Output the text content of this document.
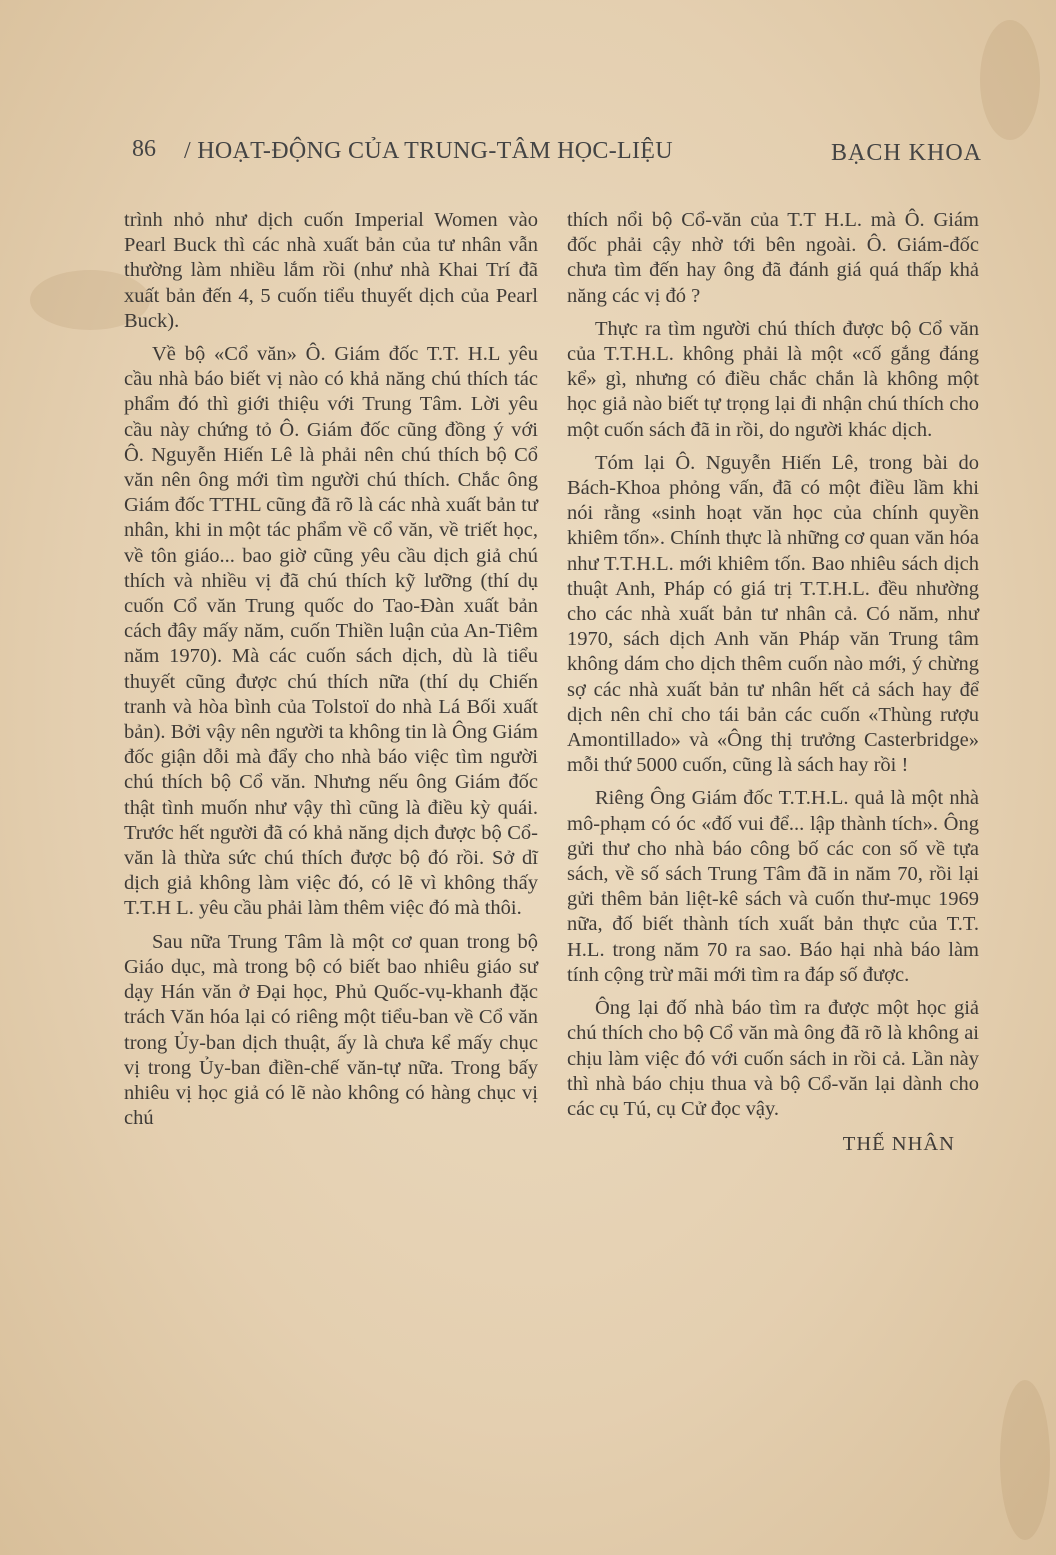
86 / HOẠT-ĐỘNG CỦA TRUNG-TÂM HỌC-LIỆU	BẠCH KHOA

trình nhỏ như dịch cuốn Imperial Women vào Pearl Buck thì các nhà xuất bản của tư nhân vẫn thường làm nhiều lắm rồi (như nhà Khai Trí đã xuất bản đến 4, 5 cuốn tiểu thuyết dịch của Pearl Buck).

Về bộ «Cổ văn» Ô. Giám đốc T.T. H.L yêu cầu nhà báo biết vị nào có khả năng chú thích tác phẩm đó thì giới thiệu với Trung Tâm. Lời yêu cầu này chứng tỏ Ô. Giám đốc cũng đồng ý với Ô. Nguyễn Hiến Lê là phải nên chú thích bộ Cổ văn nên ông mới tìm người chú thích. Chắc ông Giám đốc TTHL cũng đã rõ là các nhà xuất bản tư nhân, khi in một tác phẩm về cổ văn, về triết học, về tôn giáo... bao giờ cũng yêu cầu dịch giả chú thích và nhiều vị đã chú thích kỹ lưỡng (thí dụ cuốn Cổ văn Trung quốc do Tao-Đàn xuất bản cách đây mấy năm, cuốn Thiền luận của An-Tiêm năm 1970). Mà các cuốn sách dịch, dù là tiểu thuyết cũng được chú thích nữa (thí dụ Chiến tranh và hòa bình của Tolstoï do nhà Lá Bối xuất bản). Bởi vậy nên người ta không tin là Ông Giám đốc giận dỗi mà đẩy cho nhà báo việc tìm người chú thích bộ Cổ văn. Nhưng nếu ông Giám đốc thật tình muốn như vậy thì cũng là điều kỳ quái. Trước hết người đã có khả năng dịch được bộ Cổ-văn là thừa sức chú thích được bộ đó rồi. Sở dĩ dịch giả không làm việc đó, có lẽ vì không thấy T.T.H L. yêu cầu phải làm thêm việc đó mà thôi.

Sau nữa Trung Tâm là một cơ quan trong bộ Giáo dục, mà trong bộ có biết bao nhiêu giáo sư dạy Hán văn ở Đại học, Phủ Quốc-vụ-khanh đặc trách Văn hóa lại có riêng một tiểu-ban về Cổ văn trong Ủy-ban dịch thuật, ấy là chưa kể mấy chục vị trong Ủy-ban điền-chế văn-tự nữa. Trong bấy nhiêu vị học giả có lẽ nào không có hàng chục vị chú

thích nổi bộ Cổ-văn của T.T H.L. mà Ô. Giám đốc phải cậy nhờ tới bên ngoài. Ô. Giám-đốc chưa tìm đến hay ông đã đánh giá quá thấp khả năng các vị đó ?

Thực ra tìm người chú thích được bộ Cổ văn của T.T.H.L. không phải là một «cố gắng đáng kể» gì, nhưng có điều chắc chắn là không một học giả nào biết tự trọng lại đi nhận chú thích cho một cuốn sách đã in rồi, do người khác dịch.

Tóm lại Ô. Nguyễn Hiến Lê, trong bài do Bách-Khoa phỏng vấn, đã có một điều lầm khi nói rằng «sinh hoạt văn học của chính quyền khiêm tốn». Chính thực là những cơ quan văn hóa như T.T.H.L. mới khiêm tốn. Bao nhiêu sách dịch thuật Anh, Pháp có giá trị T.T.H.L. đều nhường cho các nhà xuất bản tư nhân cả. Có năm, như 1970, sách dịch Anh văn Pháp văn Trung tâm không dám cho dịch thêm cuốn nào mới, ý chừng sợ các nhà xuất bản tư nhân hết cả sách hay để dịch nên chỉ cho tái bản các cuốn «Thùng rượu Amontillado» và «Ông thị trưởng Casterbridge» mỗi thứ 5000 cuốn, cũng là sách hay rồi !

Riêng Ông Giám đốc T.T.H.L. quả là một nhà mô-phạm có óc «đố vui để... lập thành tích». Ông gửi thư cho nhà báo công bố các con số về tựa sách, về số sách Trung Tâm đã in năm 70, rồi lại gửi thêm bản liệt-kê sách và cuốn thư-mục 1969 nữa, đố biết thành tích xuất bản thực của T.T. H.L. trong năm 70 ra sao. Báo hại nhà báo làm tính cộng trừ mãi mới tìm ra đáp số được.

Ông lại đố nhà báo tìm ra được một học giả chú thích cho bộ Cổ văn mà ông đã rõ là không ai chịu làm việc đó với cuốn sách in rồi cả. Lần này thì nhà báo chịu thua và bộ Cổ-văn lại dành cho các cụ Tú, cụ Cử đọc vậy.

THẾ NHÂN
